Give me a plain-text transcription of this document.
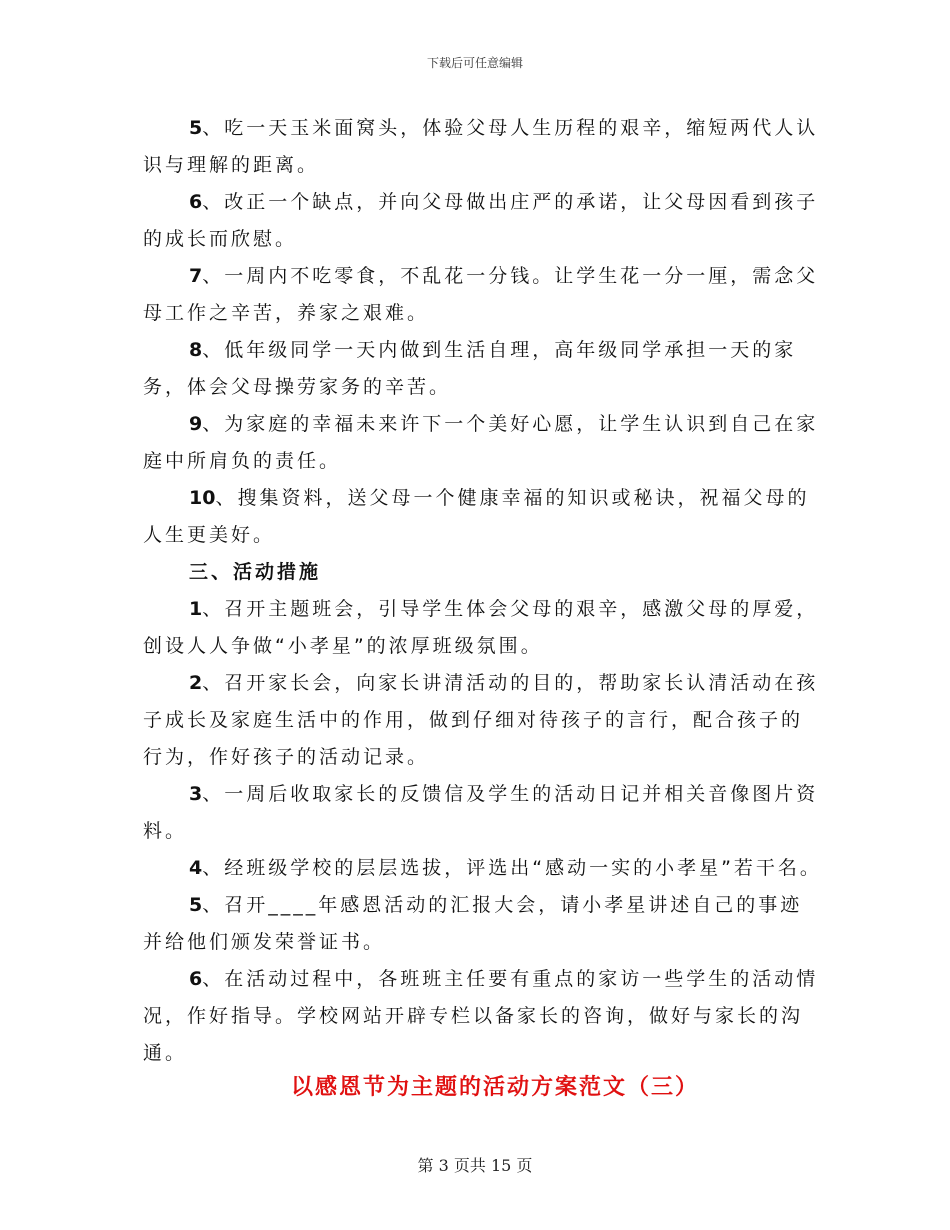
下载后可任意编辑

5、吃一天玉米面窝头，体验父母人生历程的艰辛，缩短两代人认识与理解的距离。

6、改正一个缺点，并向父母做出庄严的承诺，让父母因看到孩子的成长而欣慰。

7、一周内不吃零食，不乱花一分钱。让学生花一分一厘，需念父母工作之辛苦，养家之艰难。

8、低年级同学一天内做到生活自理，高年级同学承担一天的家务，体会父母操劳家务的辛苦。

9、为家庭的幸福未来许下一个美好心愿，让学生认识到自己在家庭中所肩负的责任。

10、搜集资料，送父母一个健康幸福的知识或秘诀，祝福父母的人生更美好。

三、活动措施

1、召开主题班会，引导学生体会父母的艰辛，感激父母的厚爱，创设人人争做“小孝星”的浓厚班级氛围。

2、召开家长会，向家长讲清活动的目的，帮助家长认清活动在孩子成长及家庭生活中的作用，做到仔细对待孩子的言行，配合孩子的行为，作好孩子的活动记录。

3、一周后收取家长的反馈信及学生的活动日记并相关音像图片资料。

4、经班级学校的层层选拔，评选出“感动一实的小孝星”若干名。

5、召开____年感恩活动的汇报大会，请小孝星讲述自己的事迹并给他们颁发荣誉证书。

6、在活动过程中，各班班主任要有重点的家访一些学生的活动情况，作好指导。学校网站开辟专栏以备家长的咨询，做好与家长的沟通。

以感恩节为主题的活动方案范文（三）
第 3 页共 15 页
